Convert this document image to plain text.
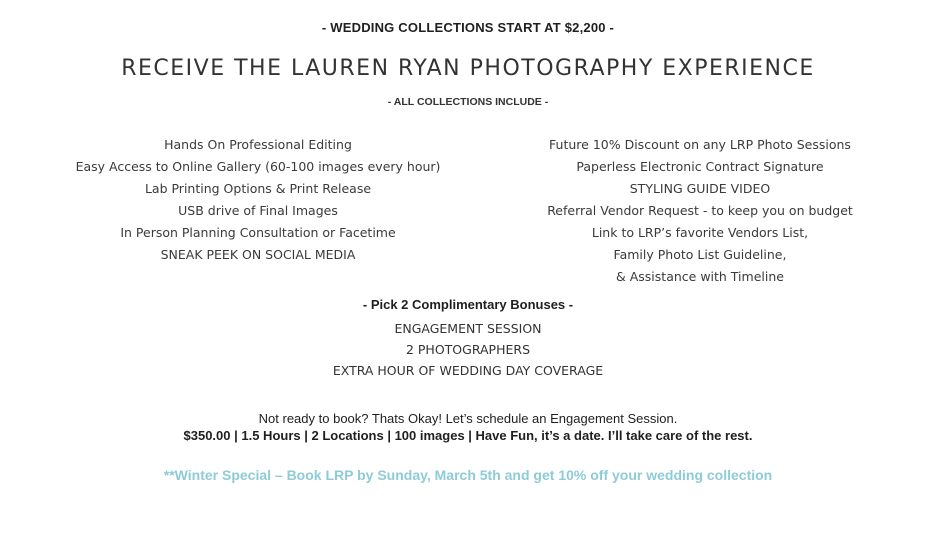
- WEDDING COLLECTIONS START AT $2,200 -
RECEIVE THE LAUREN RYAN PHOTOGRAPHY EXPERIENCE
- ALL COLLECTIONS INCLUDE -
Hands On Professional Editing
Easy Access to Online Gallery (60-100 images every hour)
Lab Printing Options & Print Release
USB drive of Final Images
In Person Planning Consultation or Facetime
SNEAK PEEK ON SOCIAL MEDIA
Future 10% Discount on any LRP Photo Sessions
Paperless Electronic Contract Signature
STYLING GUIDE VIDEO
Referral Vendor Request - to keep you on budget
Link to LRP’s favorite Vendors List,
Family Photo List Guideline,
& Assistance with Timeline
- Pick 2 Complimentary Bonuses -
ENGAGEMENT SESSION
2 PHOTOGRAPHERS
EXTRA HOUR OF WEDDING DAY COVERAGE
Not ready to book? Thats Okay! Let’s schedule an Engagement Session.
$350.00 | 1.5 Hours | 2 Locations | 100 images | Have Fun, it’s a date. I’ll take care of the rest.
**Winter Special – Book LRP by Sunday, March 5th and get 10% off your wedding collection
